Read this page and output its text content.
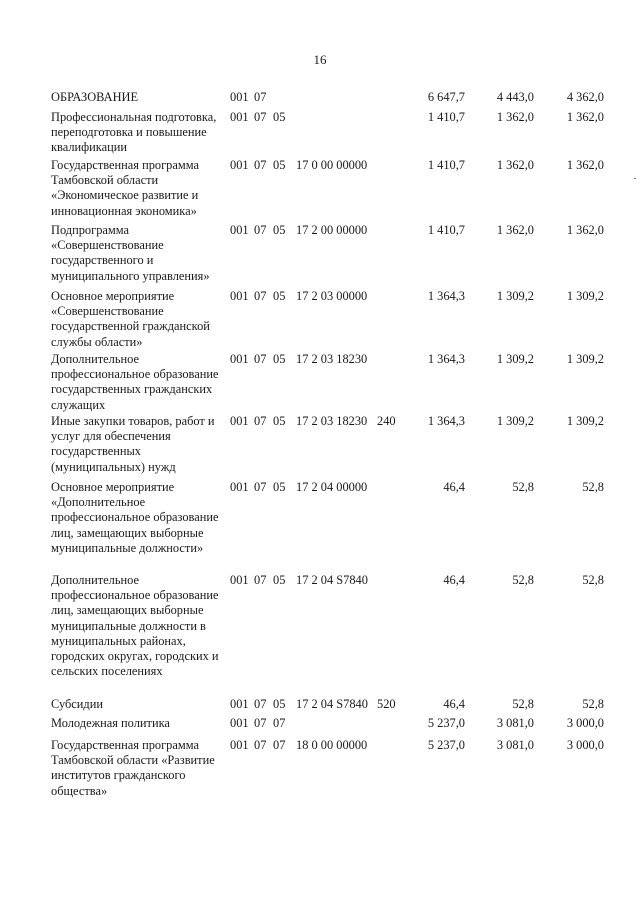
16
ОБРАЗОВАНИЕ	001 07	6 647,7	4 443,0	4 362,0
Профессиональная подготовка, переподготовка и повышение квалификации
001 07 05	1 410,7	1 362,0	1 362,0
Государственная программа Тамбовской области «Экономическое развитие и инновационная экономика»
001 07 05 17 0 00 00000	1 410,7	1 362,0	1 362,0
Подпрограмма «Совершенствование государственного и муниципального управления»
001 07 05 17 2 00 00000	1 410,7	1 362,0	1 362,0
Основное мероприятие «Совершенствование государственной гражданской службы области»
001 07 05 17 2 03 00000	1 364,3	1 309,2	1 309,2
Дополнительное профессиональное образование государственных гражданских служащих
001 07 05 17 2 03 18230	1 364,3	1 309,2	1 309,2
Иные закупки товаров, работ и услуг для обеспечения государственных (муниципальных) нужд
001 07 05 17 2 03 18230 240	1 364,3	1 309,2	1 309,2
Основное мероприятие «Дополнительное профессиональное образование лиц, замещающих выборные муниципальные должности»
001 07 05 17 2 04 00000	46,4	52,8	52,8
Дополнительное профессиональное образование лиц, замещающих выборные муниципальные должности в муниципальных районах, городских округах, городских и сельских поселениях
001 07 05 17 2 04 S7840	46,4	52,8	52,8
Субсидии	001 07 05 17 2 04 S7840 520	46,4	52,8	52,8
Молодежная политика	001 07 07	5 237,0	3 081,0	3 000,0
Государственная программа Тамбовской области «Развитие институтов гражданского общества»
001 07 07 18 0 00 00000	5 237,0	3 081,0	3 000,0
